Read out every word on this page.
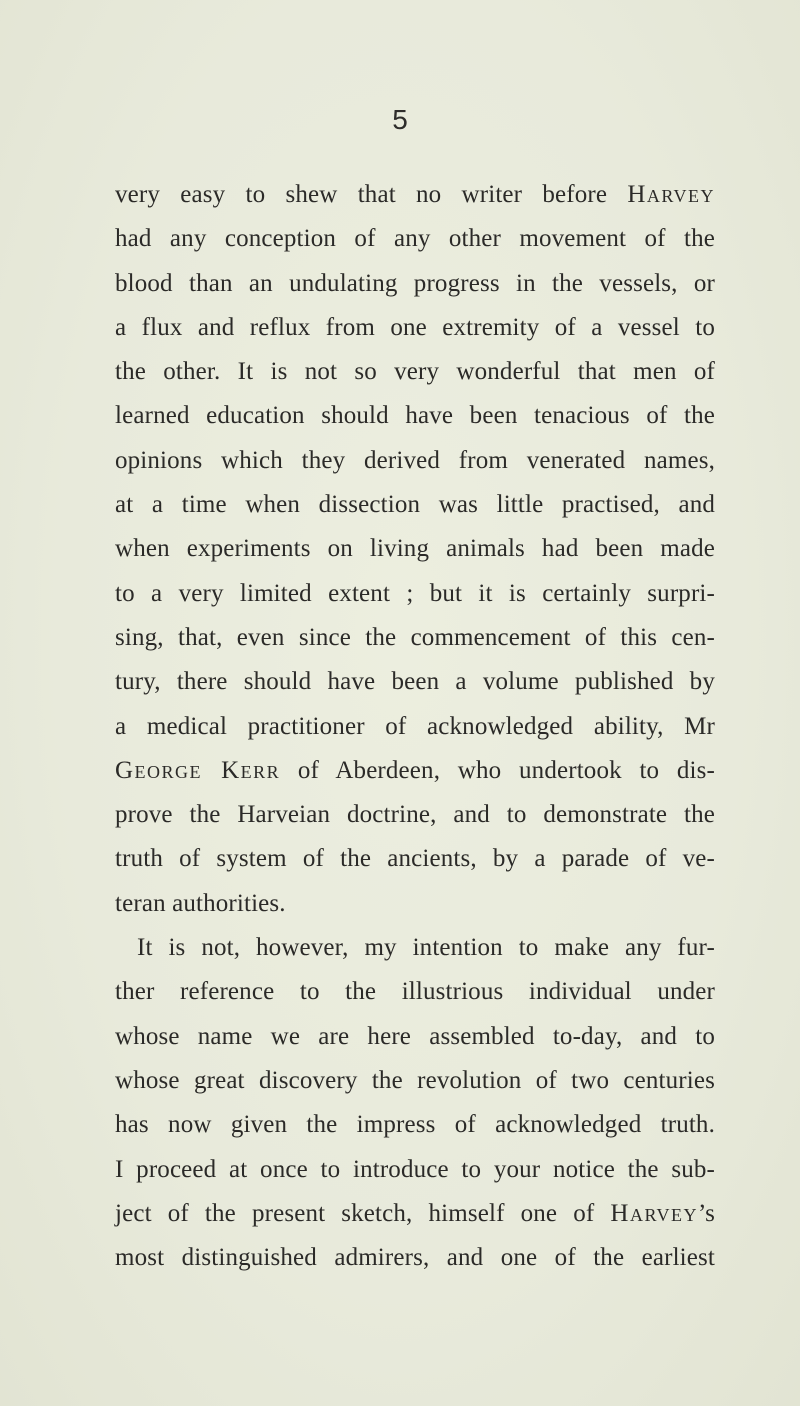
5
very easy to shew that no writer before Harvey
had any conception of any other movement of the
blood than an undulating progress in the vessels, or
a flux and reflux from one extremity of a vessel to
the other. It is not so very wonderful that men of
learned education should have been tenacious of the
opinions which they derived from venerated names,
at a time when dissection was little practised, and
when experiments on living animals had been made
to a very limited extent ; but it is certainly surpri-
sing, that, even since the commencement of this cen-
tury, there should have been a volume published by
a medical practitioner of acknowledged ability, Mr
George Kerr of Aberdeen, who undertook to dis-
prove the Harveian doctrine, and to demonstrate the
truth of system of the ancients, by a parade of ve-
teran authorities.
It is not, however, my intention to make any fur-
ther reference to the illustrious individual under
whose name we are here assembled to-day, and to
whose great discovery the revolution of two centuries
has now given the impress of acknowledged truth.
I proceed at once to introduce to your notice the sub-
ject of the present sketch, himself one of Harvey’s
most distinguished admirers, and one of the earliest
